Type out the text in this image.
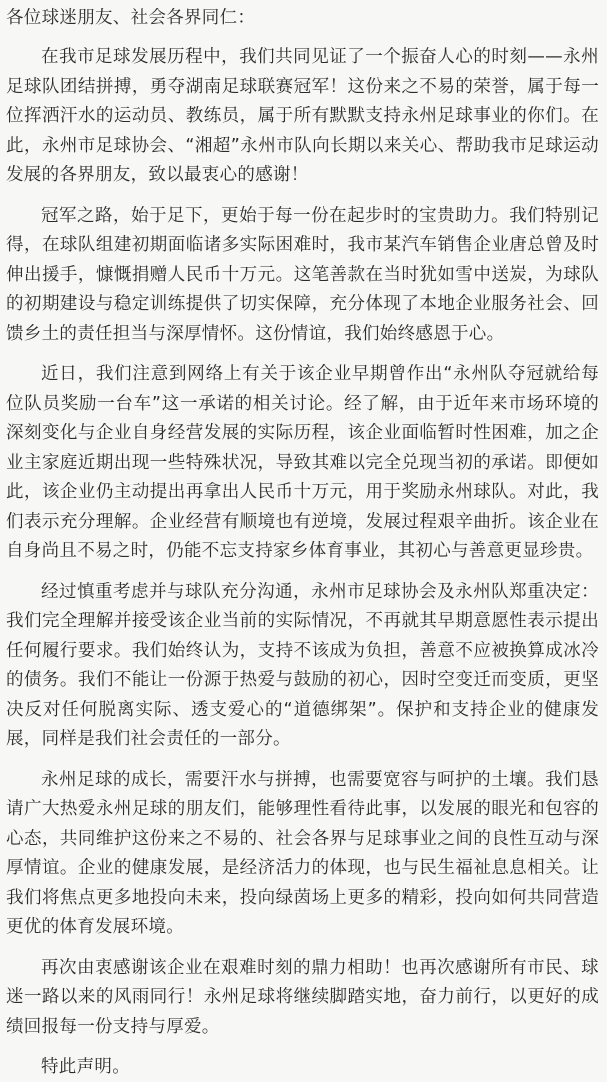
各位球迷朋友、社会各界同仁：

在我市足球发展历程中，我们共同见证了一个振奋人心的时刻——永州足球队团结拼搏，勇夺湖南足球联赛冠军！这份来之不易的荣誉，属于每一位挥洒汗水的运动员、教练员，属于所有默默支持永州足球事业的你们。在此，永州市足球协会、“湘超”永州市队向长期以来关心、帮助我市足球运动发展的各界朋友，致以最衷心的感谢！

冠军之路，始于足下，更始于每一份在起步时的宝贵助力。我们特别记得，在球队组建初期面临诸多实际困难时，我市某汽车销售企业唐总曾及时伸出援手，慷慨捐赠人民币十万元。这笔善款在当时犹如雪中送炭，为球队的初期建设与稳定训练提供了切实保障，充分体现了本地企业服务社会、回馈乡土的责任担当与深厚情怀。这份情谊，我们始终感恩于心。

近日，我们注意到网络上有关于该企业早期曾作出“永州队夺冠就给每位队员奖励一台车”这一承诺的相关讨论。经了解，由于近年来市场环境的深刻变化与企业自身经营发展的实际历程，该企业面临暂时性困难，加之企业主家庭近期出现一些特殊状况，导致其难以完全兑现当初的承诺。即便如此，该企业仍主动提出再拿出人民币十万元，用于奖励永州球队。对此，我们表示充分理解。企业经营有顺境也有逆境，发展过程艰辛曲折。该企业在自身尚且不易之时，仍能不忘支持家乡体育事业，其初心与善意更显珍贵。

经过慎重考虑并与球队充分沟通，永州市足球协会及永州队郑重决定：我们完全理解并接受该企业当前的实际情况，不再就其早期意愿性表示提出任何履行要求。我们始终认为，支持不该成为负担，善意不应被换算成冰冷的债务。我们不能让一份源于热爱与鼓励的初心，因时空变迁而变质，更坚决反对任何脱离实际、透支爱心的“道德绑架”。保护和支持企业的健康发展，同样是我们社会责任的一部分。

永州足球的成长，需要汗水与拼搏，也需要宽容与呵护的土壤。我们恳请广大热爱永州足球的朋友们，能够理性看待此事，以发展的眼光和包容的心态，共同维护这份来之不易的、社会各界与足球事业之间的良性互动与深厚情谊。企业的健康发展，是经济活力的体现，也与民生福祉息息相关。让我们将焦点更多地投向未来，投向绿茵场上更多的精彩，投向如何共同营造更优的体育发展环境。

再次由衷感谢该企业在艰难时刻的鼎力相助！也再次感谢所有市民、球迷一路以来的风雨同行！永州足球将继续脚踏实地，奋力前行，以更好的成绩回报每一份支持与厚爱。

特此声明。
